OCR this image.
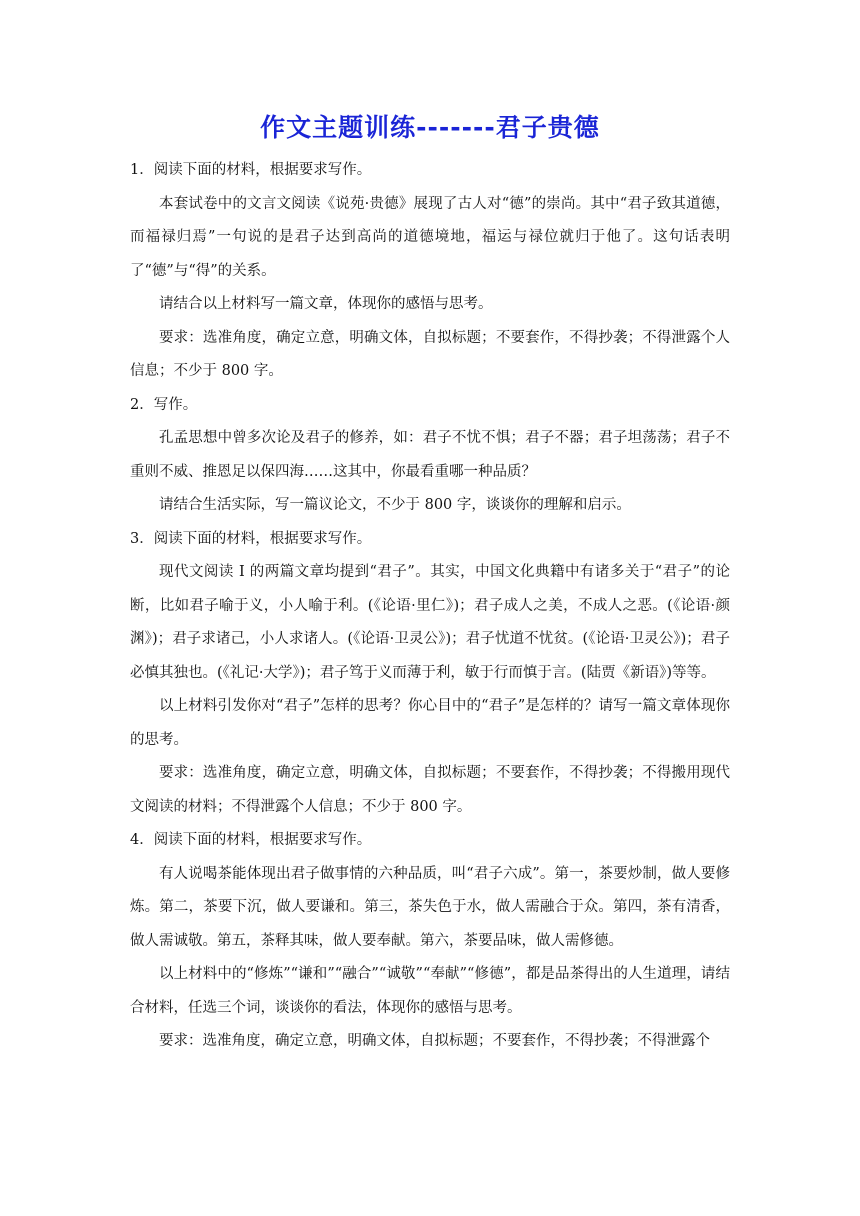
作文主题训练-------君子贵德

1．阅读下面的材料，根据要求写作。

本套试卷中的文言文阅读《说苑·贵德》展现了古人对“德”的崇尚。其中“君子致其道德，而福禄归焉”一句说的是君子达到高尚的道德境地，福运与禄位就归于他了。这句话表明了“德”与“得”的关系。

请结合以上材料写一篇文章，体现你的感悟与思考。

要求：选准角度，确定立意，明确文体，自拟标题；不要套作，不得抄袭；不得泄露个人信息；不少于 800 字。

2．写作。

孔孟思想中曾多次论及君子的修养，如：君子不忧不惧；君子不器；君子坦荡荡；君子不重则不威、推恩足以保四海……这其中，你最看重哪一种品质？

请结合生活实际，写一篇议论文，不少于 800 字，谈谈你的理解和启示。

3．阅读下面的材料，根据要求写作。

现代文阅读 I 的两篇文章均提到“君子”。其实，中国文化典籍中有诸多关于“君子”的论断，比如君子喻于义，小人喻于利。(《论语·里仁》)；君子成人之美，不成人之恶。(《论语·颜渊》)；君子求诸己，小人求诸人。(《论语·卫灵公》)；君子忧道不忧贫。(《论语·卫灵公》)；君子必慎其独也。(《礼记·大学》)；君子笃于义而薄于利，敏于行而慎于言。(陆贾《新语》)等等。

以上材料引发你对“君子”怎样的思考？你心目中的“君子”是怎样的？请写一篇文章体现你的思考。

要求：选准角度，确定立意，明确文体，自拟标题；不要套作，不得抄袭；不得搬用现代文阅读的材料；不得泄露个人信息；不少于 800 字。

4．阅读下面的材料，根据要求写作。

有人说喝茶能体现出君子做事情的六种品质，叫“君子六成”。第一，茶要炒制，做人要修炼。第二，茶要下沉，做人要谦和。第三，茶失色于水，做人需融合于众。第四，茶有清香，做人需诚敬。第五，茶释其味，做人要奉献。第六，茶要品味，做人需修德。

以上材料中的“修炼”“谦和”“融合”“诚敬”“奉献”“修德”，都是品茶得出的人生道理，请结合材料，任选三个词，谈谈你的看法，体现你的感悟与思考。

要求：选准角度，确定立意，明确文体，自拟标题；不要套作，不得抄袭；不得泄露个
